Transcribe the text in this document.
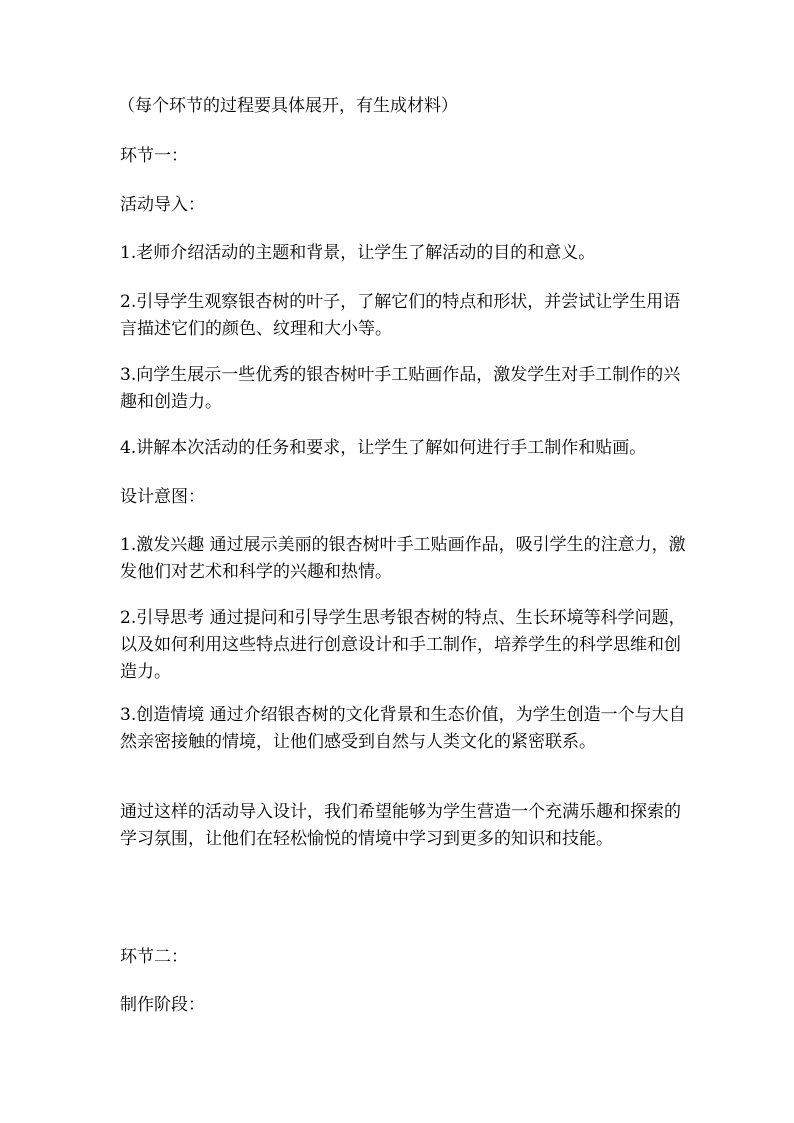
（每个环节的过程要具体展开，有生成材料）

环节一：

活动导入：

1.老师介绍活动的主题和背景，让学生了解活动的目的和意义。

2.引导学生观察银杏树的叶子，了解它们的特点和形状，并尝试让学生用语言描述它们的颜色、纹理和大小等。

3.向学生展示一些优秀的银杏树叶手工贴画作品，激发学生对手工制作的兴趣和创造力。

4.讲解本次活动的任务和要求，让学生了解如何进行手工制作和贴画。

设计意图：

1.激发兴趣 通过展示美丽的银杏树叶手工贴画作品，吸引学生的注意力，激发他们对艺术和科学的兴趣和热情。

2.引导思考 通过提问和引导学生思考银杏树的特点、生长环境等科学问题，以及如何利用这些特点进行创意设计和手工制作，培养学生的科学思维和创造力。

3.创造情境 通过介绍银杏树的文化背景和生态价值，为学生创造一个与大自然亲密接触的情境，让他们感受到自然与人类文化的紧密联系。

通过这样的活动导入设计，我们希望能够为学生营造一个充满乐趣和探索的学习氛围，让他们在轻松愉悦的情境中学习到更多的知识和技能。

环节二：

制作阶段：
